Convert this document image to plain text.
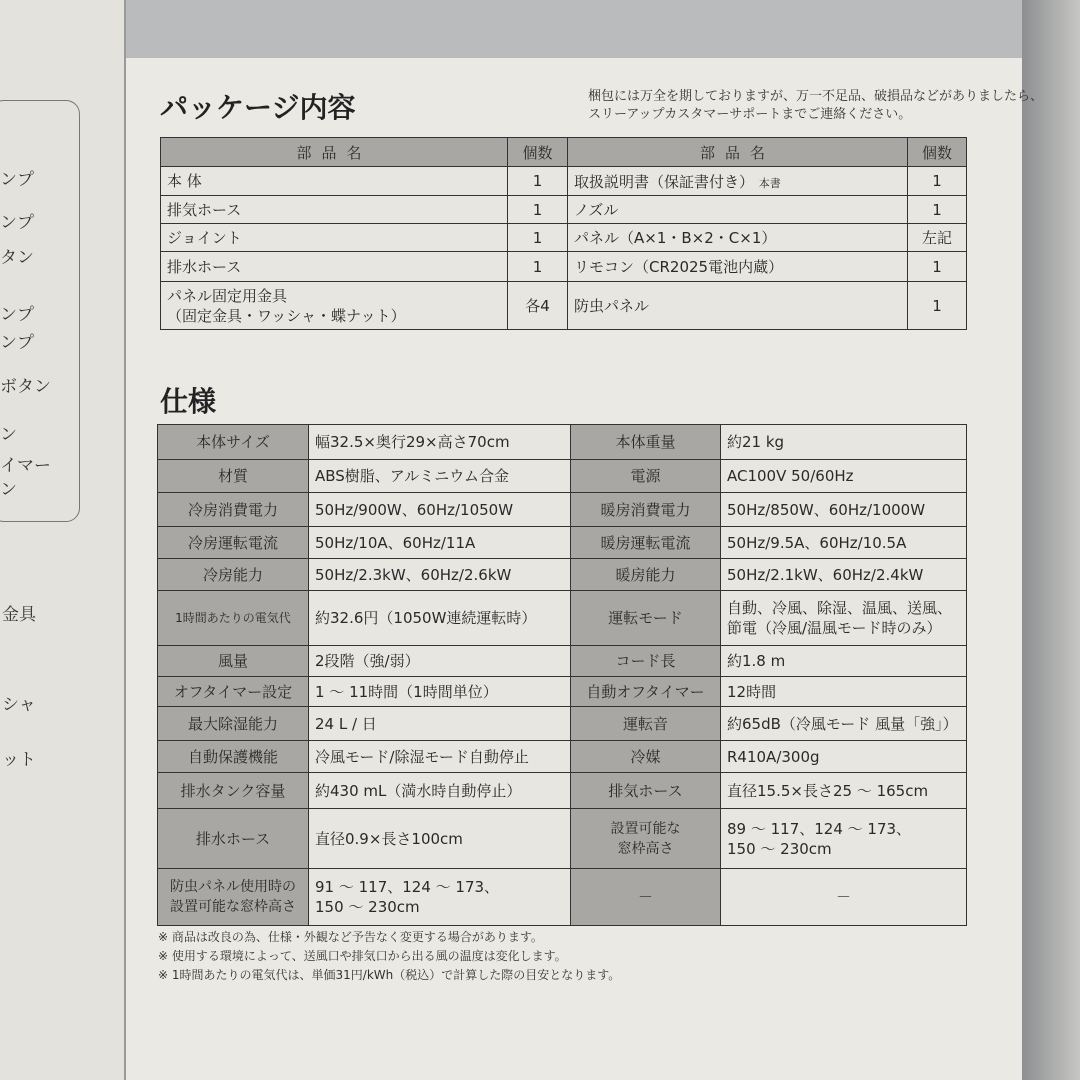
ンプ
ンプ
タン
ンプ
ンプ
ボタン
ン
イマー
ン
金具
シャ
ット
パッケージ内容	梱包には万全を期しておりますが、万一不足品、破損品などがありましたら、
スリーアップカスタマーサポートまでご連絡ください。
部品名	個数	部品名	個数
本 体	1	取扱説明書（保証書付き） 本書	1
排気ホース	1	ノズル	1
ジョイント	1	パネル（A×1・B×2・C×1）	左記
排水ホース	1	リモコン（CR2025電池内蔵）	1
パネル固定用金具
（固定金具・ワッシャ・蝶ナット）	各4	防虫パネル	1
仕様
本体サイズ	幅32.5×奥行29×高さ70cm	本体重量	約21 kg
材質	ABS樹脂、アルミニウム合金	電源	AC100V 50/60Hz
冷房消費電力	50Hz/900W、60Hz/1050W	暖房消費電力	50Hz/850W、60Hz/1000W
冷房運転電流	50Hz/10A、60Hz/11A	暖房運転電流	50Hz/9.5A、60Hz/10.5A
冷房能力	50Hz/2.3kW、60Hz/2.6kW	暖房能力	50Hz/2.1kW、60Hz/2.4kW
1時間あたりの電気代	約32.6円（1050W連続運転時）	運転モード	自動、冷風、除湿、温風、送風、
節電（冷風/温風モード時のみ）
風量	2段階（強/弱）	コード長	約1.8 m
オフタイマー設定	1 ～ 11時間（1時間単位）	自動オフタイマー	12時間
最大除湿能力	24 L / 日	運転音	約65dB（冷風モード 風量「強」）
自動保護機能	冷風モード/除湿モード自動停止	冷媒	R410A/300g
排水タンク容量	約430 mL（満水時自動停止）	排気ホース	直径15.5×長さ25 ～ 165cm
排水ホース	直径0.9×長さ100cm	設置可能な
窓枠高さ	89 ～ 117、124 ～ 173、
150 ～ 230cm
防虫パネル使用時の
設置可能な窓枠高さ	91 ～ 117、124 ～ 173、
150 ～ 230cm	－	－
※ 商品は改良の為、仕様・外観など予告なく変更する場合があります。
※ 使用する環境によって、送風口や排気口から出る風の温度は変化します。
※ 1時間あたりの電気代は、単価31円/kWh（税込）で計算した際の目安となります。
